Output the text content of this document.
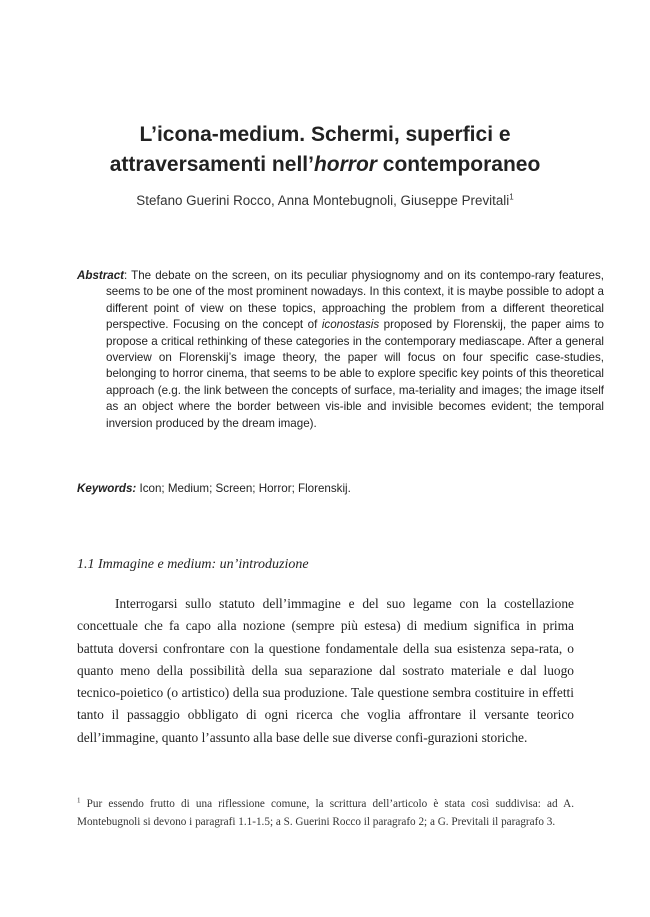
L’icona-medium. Schermi, superfici e
attraversamenti nell’horror contemporaneo
Stefano Guerini Rocco, Anna Montebugnoli, Giuseppe Previtali$^1$
Abstract: The debate on the screen, on its peculiar physiognomy and on its contempo-rary features, seems to be one of the most prominent nowadays. In this context, it is maybe possible to adopt a different point of view on these topics, approaching the problem from a different theoretical perspective. Focusing on the concept of iconostasis proposed by Florenskij, the paper aims to propose a critical rethinking of these categories in the contemporary mediascape. After a general overview on Florenskij’s image theory, the paper will focus on four specific case-studies, belonging to horror cinema, that seems to be able to explore specific key points of this theoretical approach (e.g. the link between the concepts of surface, ma-teriality and images; the image itself as an object where the border between vis-ible and invisible becomes evident; the temporal inversion produced by the dream image).
Keywords: Icon; Medium; Screen; Horror; Florenskij.
1.1 Immagine e medium: un’introduzione
Interrogarsi sullo statuto dell’immagine e del suo legame con la costellazione concettuale che fa capo alla nozione (sempre più estesa) di medium significa in prima battuta doversi confrontare con la questione fondamentale della sua esistenza sepa-rata, o quanto meno della possibilità della sua separazione dal sostrato materiale e dal luogo tecnico-poietico (o artistico) della sua produzione. Tale questione sembra costituire in effetti tanto il passaggio obbligato di ogni ricerca che voglia affrontare il versante teorico dell’immagine, quanto l’assunto alla base delle sue diverse confi-gurazioni storiche.
$^1$ Pur essendo frutto di una riflessione comune, la scrittura dell’articolo è stata così suddivisa: ad A. Montebugnoli si devono i paragrafi 1.1-1.5; a S. Guerini Rocco il paragrafo 2; a G. Previtali il paragrafo 3.
